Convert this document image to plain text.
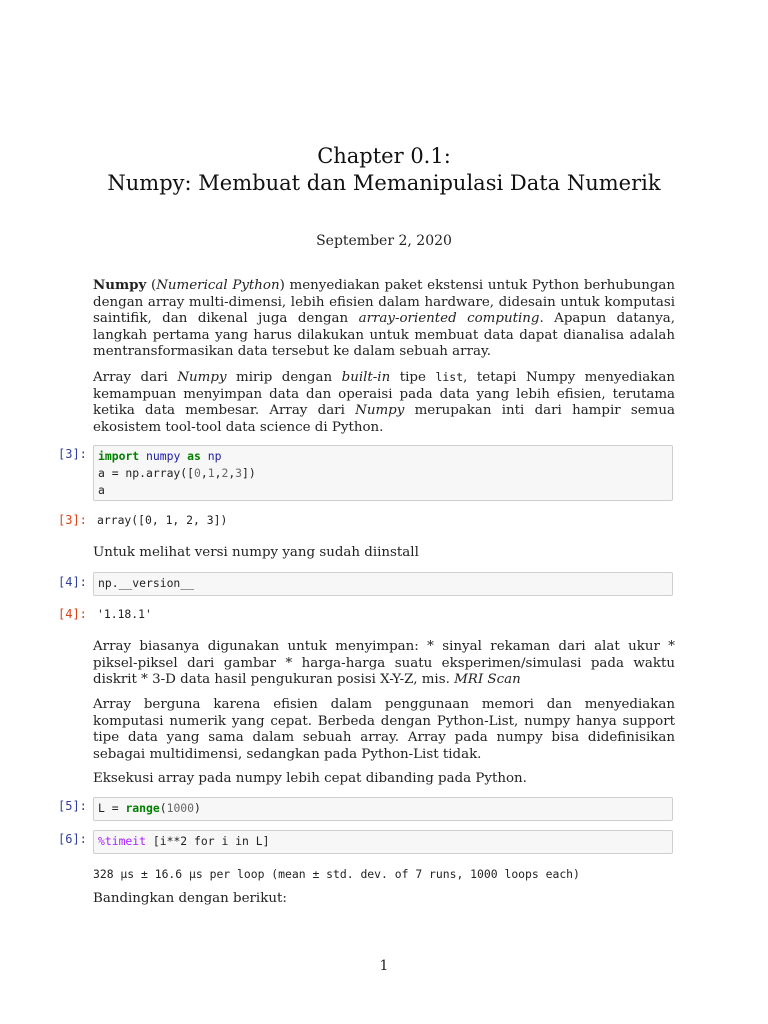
Chapter 0.1:
Numpy: Membuat dan Memanipulasi Data Numerik
September 2, 2020
Numpy (Numerical Python) menyediakan paket ekstensi untuk Python berhubungan dengan array multi-dimensi, lebih efisien dalam hardware, didesain untuk komputasi saintifik, dan dikenal juga dengan array-oriented computing. Apapun datanya, langkah pertama yang harus dilakukan untuk membuat data dapat dianalisa adalah mentransformasikan data tersebut ke dalam sebuah array.
Array dari Numpy mirip dengan built-in tipe list, tetapi Numpy menyediakan kemampuan menyimpan data dan operaisi pada data yang lebih efisien, terutama ketika data membesar. Array dari Numpy merupakan inti dari hampir semua ekosistem tool-tool data science di Python.
[3]: import numpy as np
a = np.array([0,1,2,3])
a
[3]: array([0, 1, 2, 3])
Untuk melihat versi numpy yang sudah diinstall
[4]: np.__version__
[4]: '1.18.1'
Array biasanya digunakan untuk menyimpan: * sinyal rekaman dari alat ukur * piksel-piksel dari gambar * harga-harga suatu eksperimen/simulasi pada waktu diskrit * 3-D data hasil pengukuran posisi X-Y-Z, mis. MRI Scan
Array berguna karena efisien dalam penggunaan memori dan menyediakan komputasi numerik yang cepat. Berbeda dengan Python-List, numpy hanya support tipe data yang sama dalam sebuah array. Array pada numpy bisa didefinisikan sebagai multidimensi, sedangkan pada Python-List tidak.
Eksekusi array pada numpy lebih cepat dibanding pada Python.
[5]: L = range(1000)
[6]: %timeit [i**2 for i in L]
328 µs ± 16.6 µs per loop (mean ± std. dev. of 7 runs, 1000 loops each)
Bandingkan dengan berikut:
1
